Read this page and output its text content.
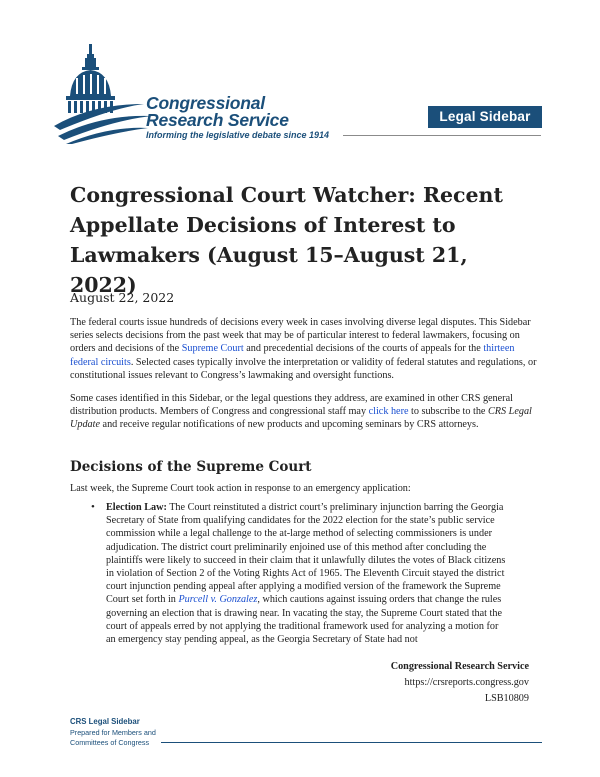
Congressional
Research Service
Informing the legislative debate since 1914
Legal Sidebar
Congressional Court Watcher: Recent Appellate Decisions of Interest to Lawmakers (August 15–August 21, 2022)
August 22, 2022
The federal courts issue hundreds of decisions every week in cases involving diverse legal disputes. This Sidebar series selects decisions from the past week that may be of particular interest to federal lawmakers, focusing on orders and decisions of the Supreme Court and precedential decisions of the courts of appeals for the thirteen federal circuits. Selected cases typically involve the interpretation or validity of federal statutes and regulations, or constitutional issues relevant to Congress’s lawmaking and oversight functions.
Some cases identified in this Sidebar, or the legal questions they address, are examined in other CRS general distribution products. Members of Congress and congressional staff may click here to subscribe to the CRS Legal Update and receive regular notifications of new products and upcoming seminars by CRS attorneys.
Decisions of the Supreme Court
Last week, the Supreme Court took action in response to an emergency application:
• Election Law: The Court reinstituted a district court’s preliminary injunction barring the Georgia Secretary of State from qualifying candidates for the 2022 election for the state’s public service commission while a legal challenge to the at-large method of selecting commissioners is under adjudication. The district court preliminarily enjoined use of this method after concluding the plaintiffs were likely to succeed in their claim that it unlawfully dilutes the votes of Black citizens in violation of Section 2 of the Voting Rights Act of 1965. The Eleventh Circuit stayed the district court injunction pending appeal after applying a modified version of the framework the Supreme Court set forth in Purcell v. Gonzalez, which cautions against issuing orders that change the rules governing an election that is drawing near. In vacating the stay, the Supreme Court stated that the court of appeals erred by not applying the traditional framework used for analyzing a motion for an emergency stay pending appeal, as the Georgia Secretary of State had not
Congressional Research Service
https://crsreports.congress.gov
LSB10809
CRS Legal Sidebar
Prepared for Members and
Committees of Congress
